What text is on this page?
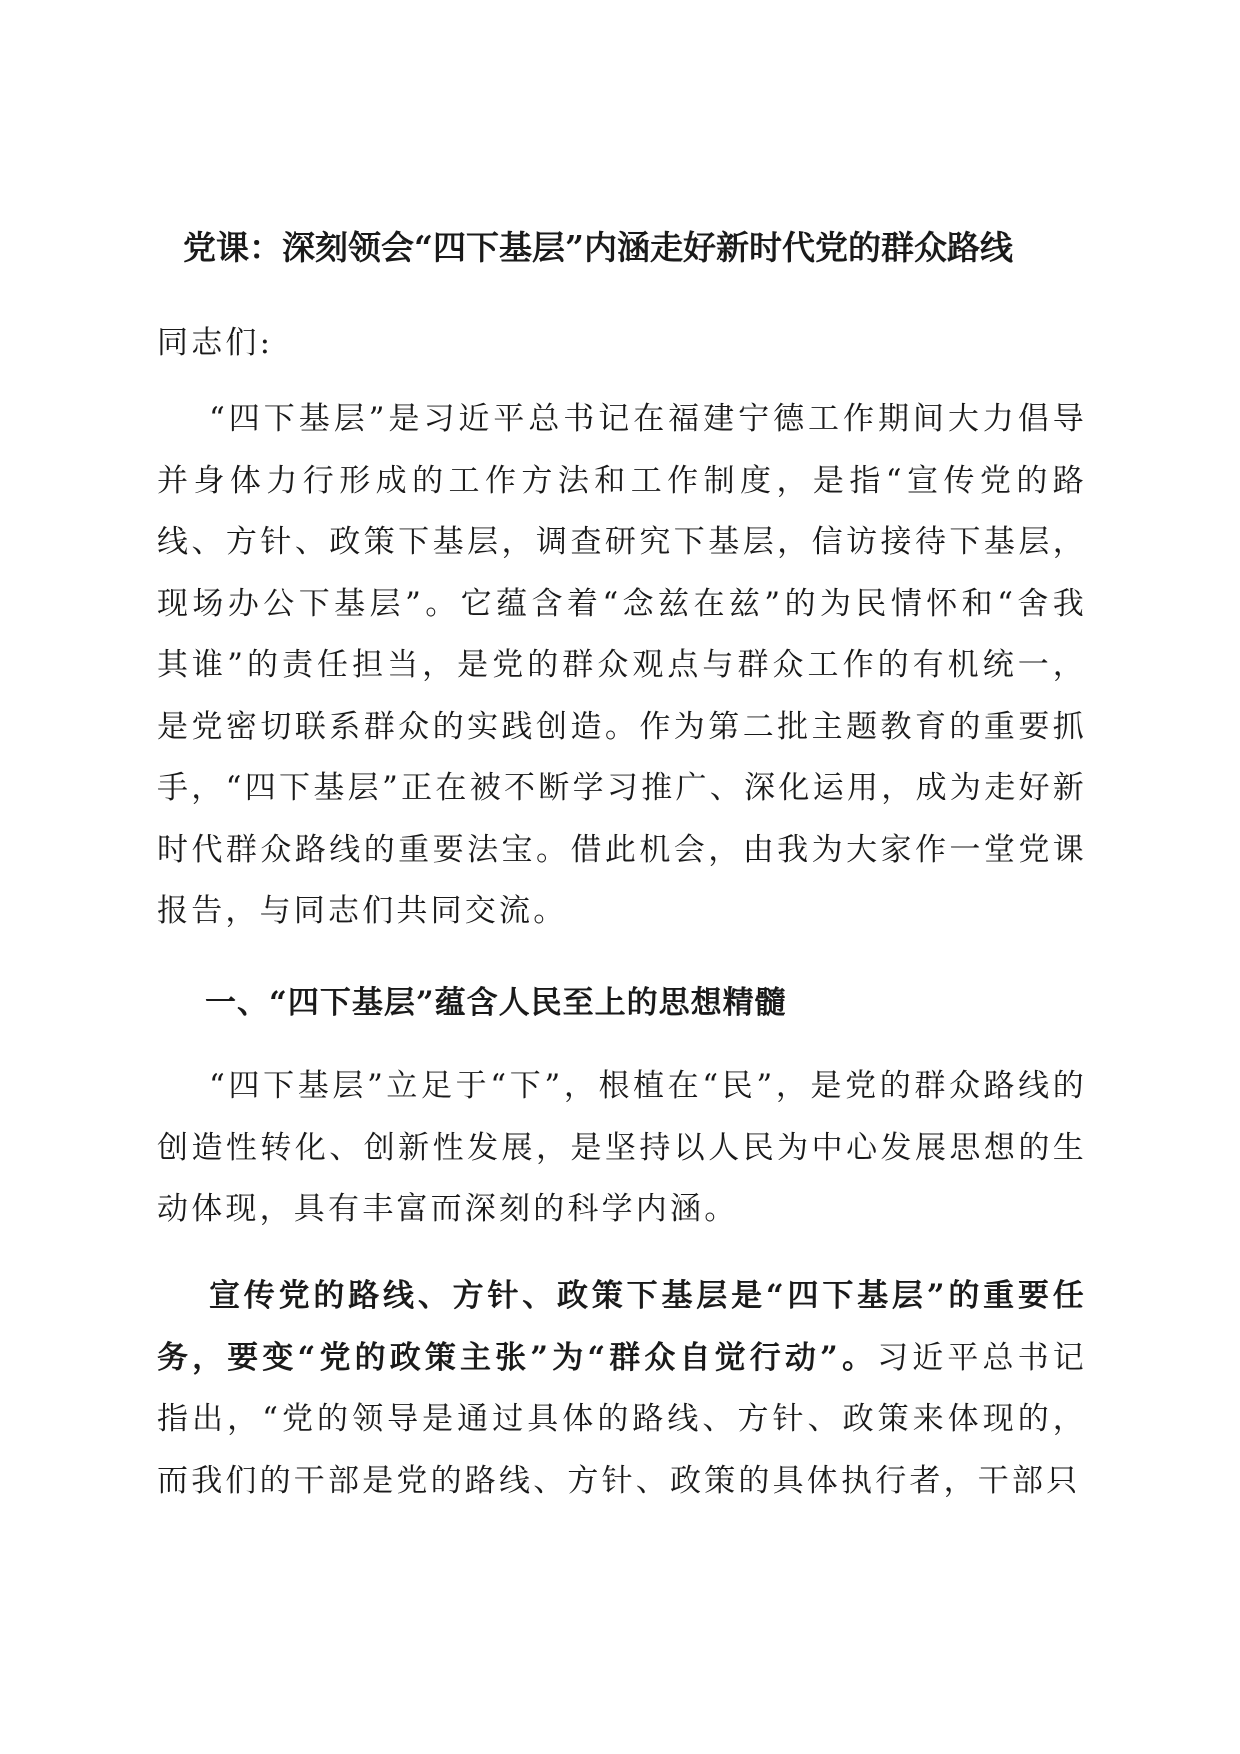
党课：深刻领会“四下基层”内涵走好新时代党的群众路线
同志们:
“四下基层”是习近平总书记在福建宁德工作期间大力倡导并身体力行形成的工作方法和工作制度，是指“宣传党的路线、方针、政策下基层，调查研究下基层，信访接待下基层，现场办公下基层”。它蕴含着“念兹在兹”的为民情怀和“舍我其谁”的责任担当，是党的群众观点与群众工作的有机统一，是党密切联系群众的实践创造。作为第二批主题教育的重要抓手，“四下基层”正在被不断学习推广、深化运用，成为走好新时代群众路线的重要法宝。借此机会，由我为大家作一堂党课报告，与同志们共同交流。
一、“四下基层”蕴含人民至上的思想精髓
“四下基层”立足于“下”，根植在“民”，是党的群众路线的创造性转化、创新性发展，是坚持以人民为中心发展思想的生动体现，具有丰富而深刻的科学内涵。
宣传党的路线、方针、政策下基层是“四下基层”的重要任务，要变“党的政策主张”为“群众自觉行动”。习近平总书记指出，“党的领导是通过具体的路线、方针、政策来体现的，而我们的干部是党的路线、方针、政策的具体执行者，干部只
